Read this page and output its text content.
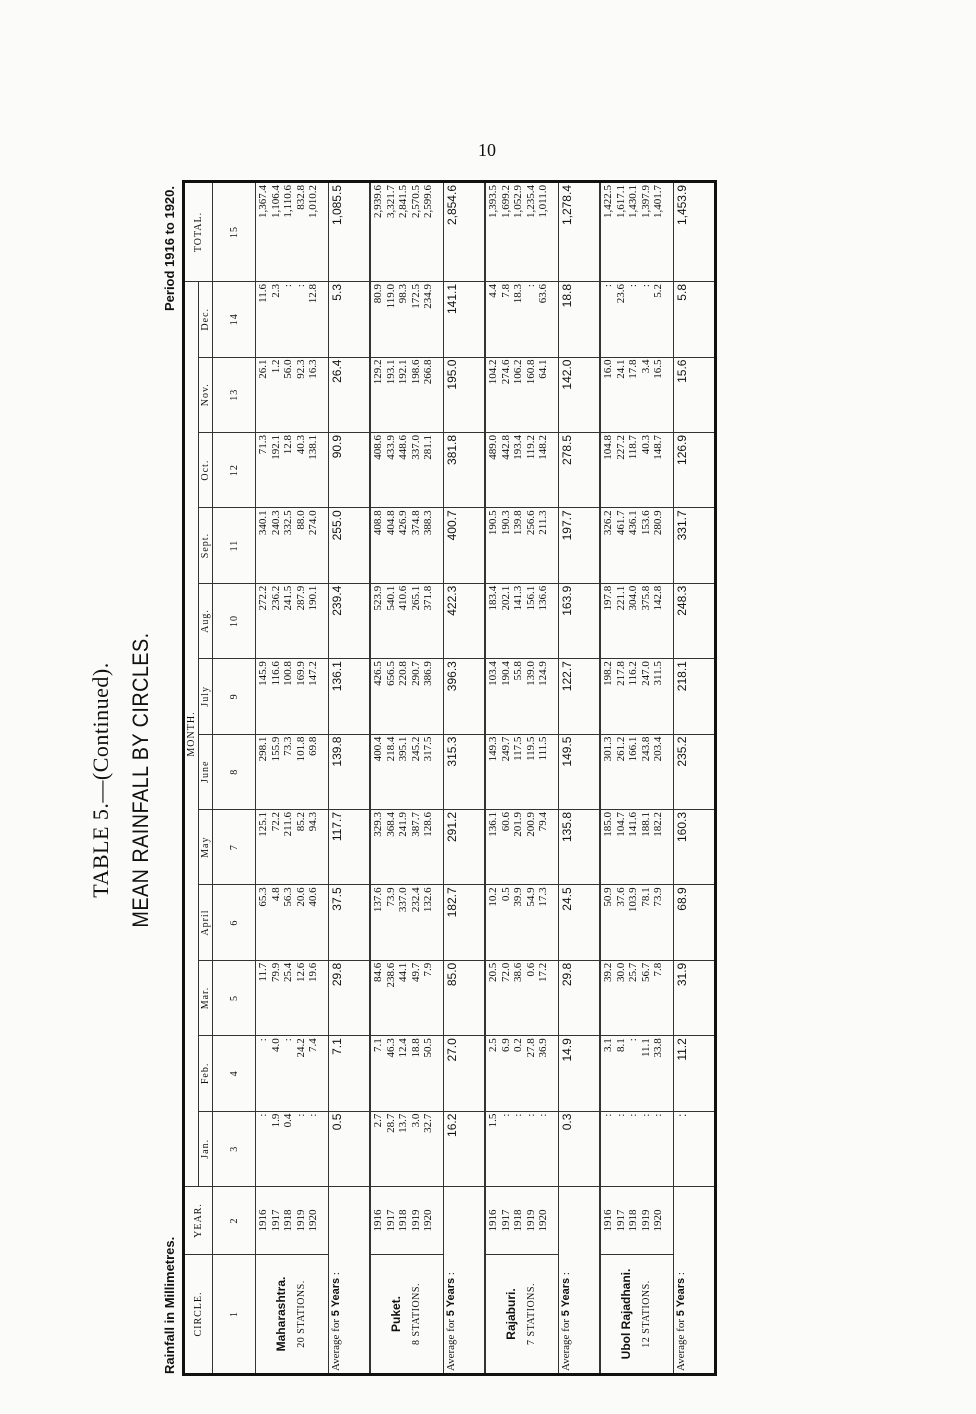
10
TABLE 5.—(Continued). MEAN RAINFALL BY CIRCLES.
Rainfall in Millimetres.
Period 1916 to 1920.
CIRCLE.	YEAR.	MONTH.												TOTAL.
		Jan.	Feb.	Mar.	April	May	June	July	Aug.	Sept.	Oct.	Nov.	Dec.	
1	2	3	4	5	6	7	8	9	10	11	12	13	14	15

Maharashtra. 20 STATIONS.	1916 1917 1918 1919 1920	: 1.9 0.4 : :	: 4.0 : 24.2 7.4	11.7 79.9 25.4 12.6 19.6	65.3 4.8 56.3 20.6 40.6	125.1 72.2 211.6 85.2 94.3	298.1 155.9 73.3 101.8 69.8	145.9 116.6 100.8 169.9 147.2	272.2 236.2 241.5 287.9 190.1	340.1 240.3 332.5 88.0 274.0	71.3 192.1 12.8 40.3 138.1	26.1 1.2 56.0 92.3 16.3	11.6 2.3 : : 12.8	1,367.4 1,106.4 1,110.6 832.8 1,010.2

Average for 5 Years :		0.5	7.1	29.8	37.5	117.7	139.8	136.1	239.4	255.0	90.9	26.4	5.3	1,085.5

Puket. 8 STATIONS.	1916 1917 1918 1919 1920	2.7 28.7 13.7 3.0 32.7	7.1 46.3 12.4 18.8 50.5	84.6 238.6 44.1 49.7 7.9	137.6 73.9 337.0 232.4 132.6	329.3 368.4 241.9 387.7 128.6	400.4 218.4 395.1 245.2 317.5	426.5 656.5 220.8 290.7 386.9	523.9 540.1 410.6 265.1 371.8	408.8 404.8 426.9 374.8 388.3	408.6 433.9 448.6 337.0 281.1	129.2 193.1 192.1 198.6 266.8	80.9 119.0 98.3 172.5 234.9	2,939.6 3,321.7 2,841.5 2,570.5 2,599.6

Average for 5 Years :		16.2	27.0	85.0	182.7	291.2	315.3	396.3	422.3	400.7	381.8	195.0	141.1	2,854.6

Rajaburi. 7 STATIONS.	1916 1917 1918 1919 1920	1.5 : : : :	2.5 6.9 0.2 27.8 36.9	20.5 72.0 38.6 0.6 17.2	10.2 0.5 39.9 54.9 17.3	136.1 60.6 201.9 200.9 79.4	149.3 249.7 117.5 119.5 111.5	103.4 190.4 55.8 139.0 124.9	183.4 202.1 141.3 156.1 136.6	190.5 190.3 139.8 256.6 211.3	489.0 442.8 193.4 119.2 148.2	104.2 274.6 106.2 160.8 64.1	4.4 7.8 18.3 : 63.6	1,393.5 1,699.2 1,052.9 1,235.4 1,011.0

Average for 5 Years :		0.3	14.9	29.8	24.5	135.8	149.5	122.7	163.9	197.7	278.5	142.0	18.8	1,278.4

Ubol Rajadhani. 12 STATIONS.	1916 1917 1918 1919 1920	: : : : :	3.1 8.1 : 11.1 33.8	39.2 30.0 25.7 56.7 7.8	50.9 37.6 103.9 78.1 73.9	185.0 104.7 141.6 188.1 182.2	301.3 261.2 166.1 243.8 203.4	198.2 217.8 116.2 247.0 311.5	197.8 221.1 304.0 375.8 142.8	326.2 461.7 436.1 153.6 280.9	104.8 227.2 118.7 40.3 148.7	16.0 24.1 17.8 3.4 16.5	: 23.6 : : 5.2	1,422.5 1,617.1 1,430.1 1,397.9 1,401.7

Average for 5 Years :		:	11.2	31.9	68.9	160.3	235.2	218.1	248.3	331.7	126.9	15.6	5.8	1,453.9
